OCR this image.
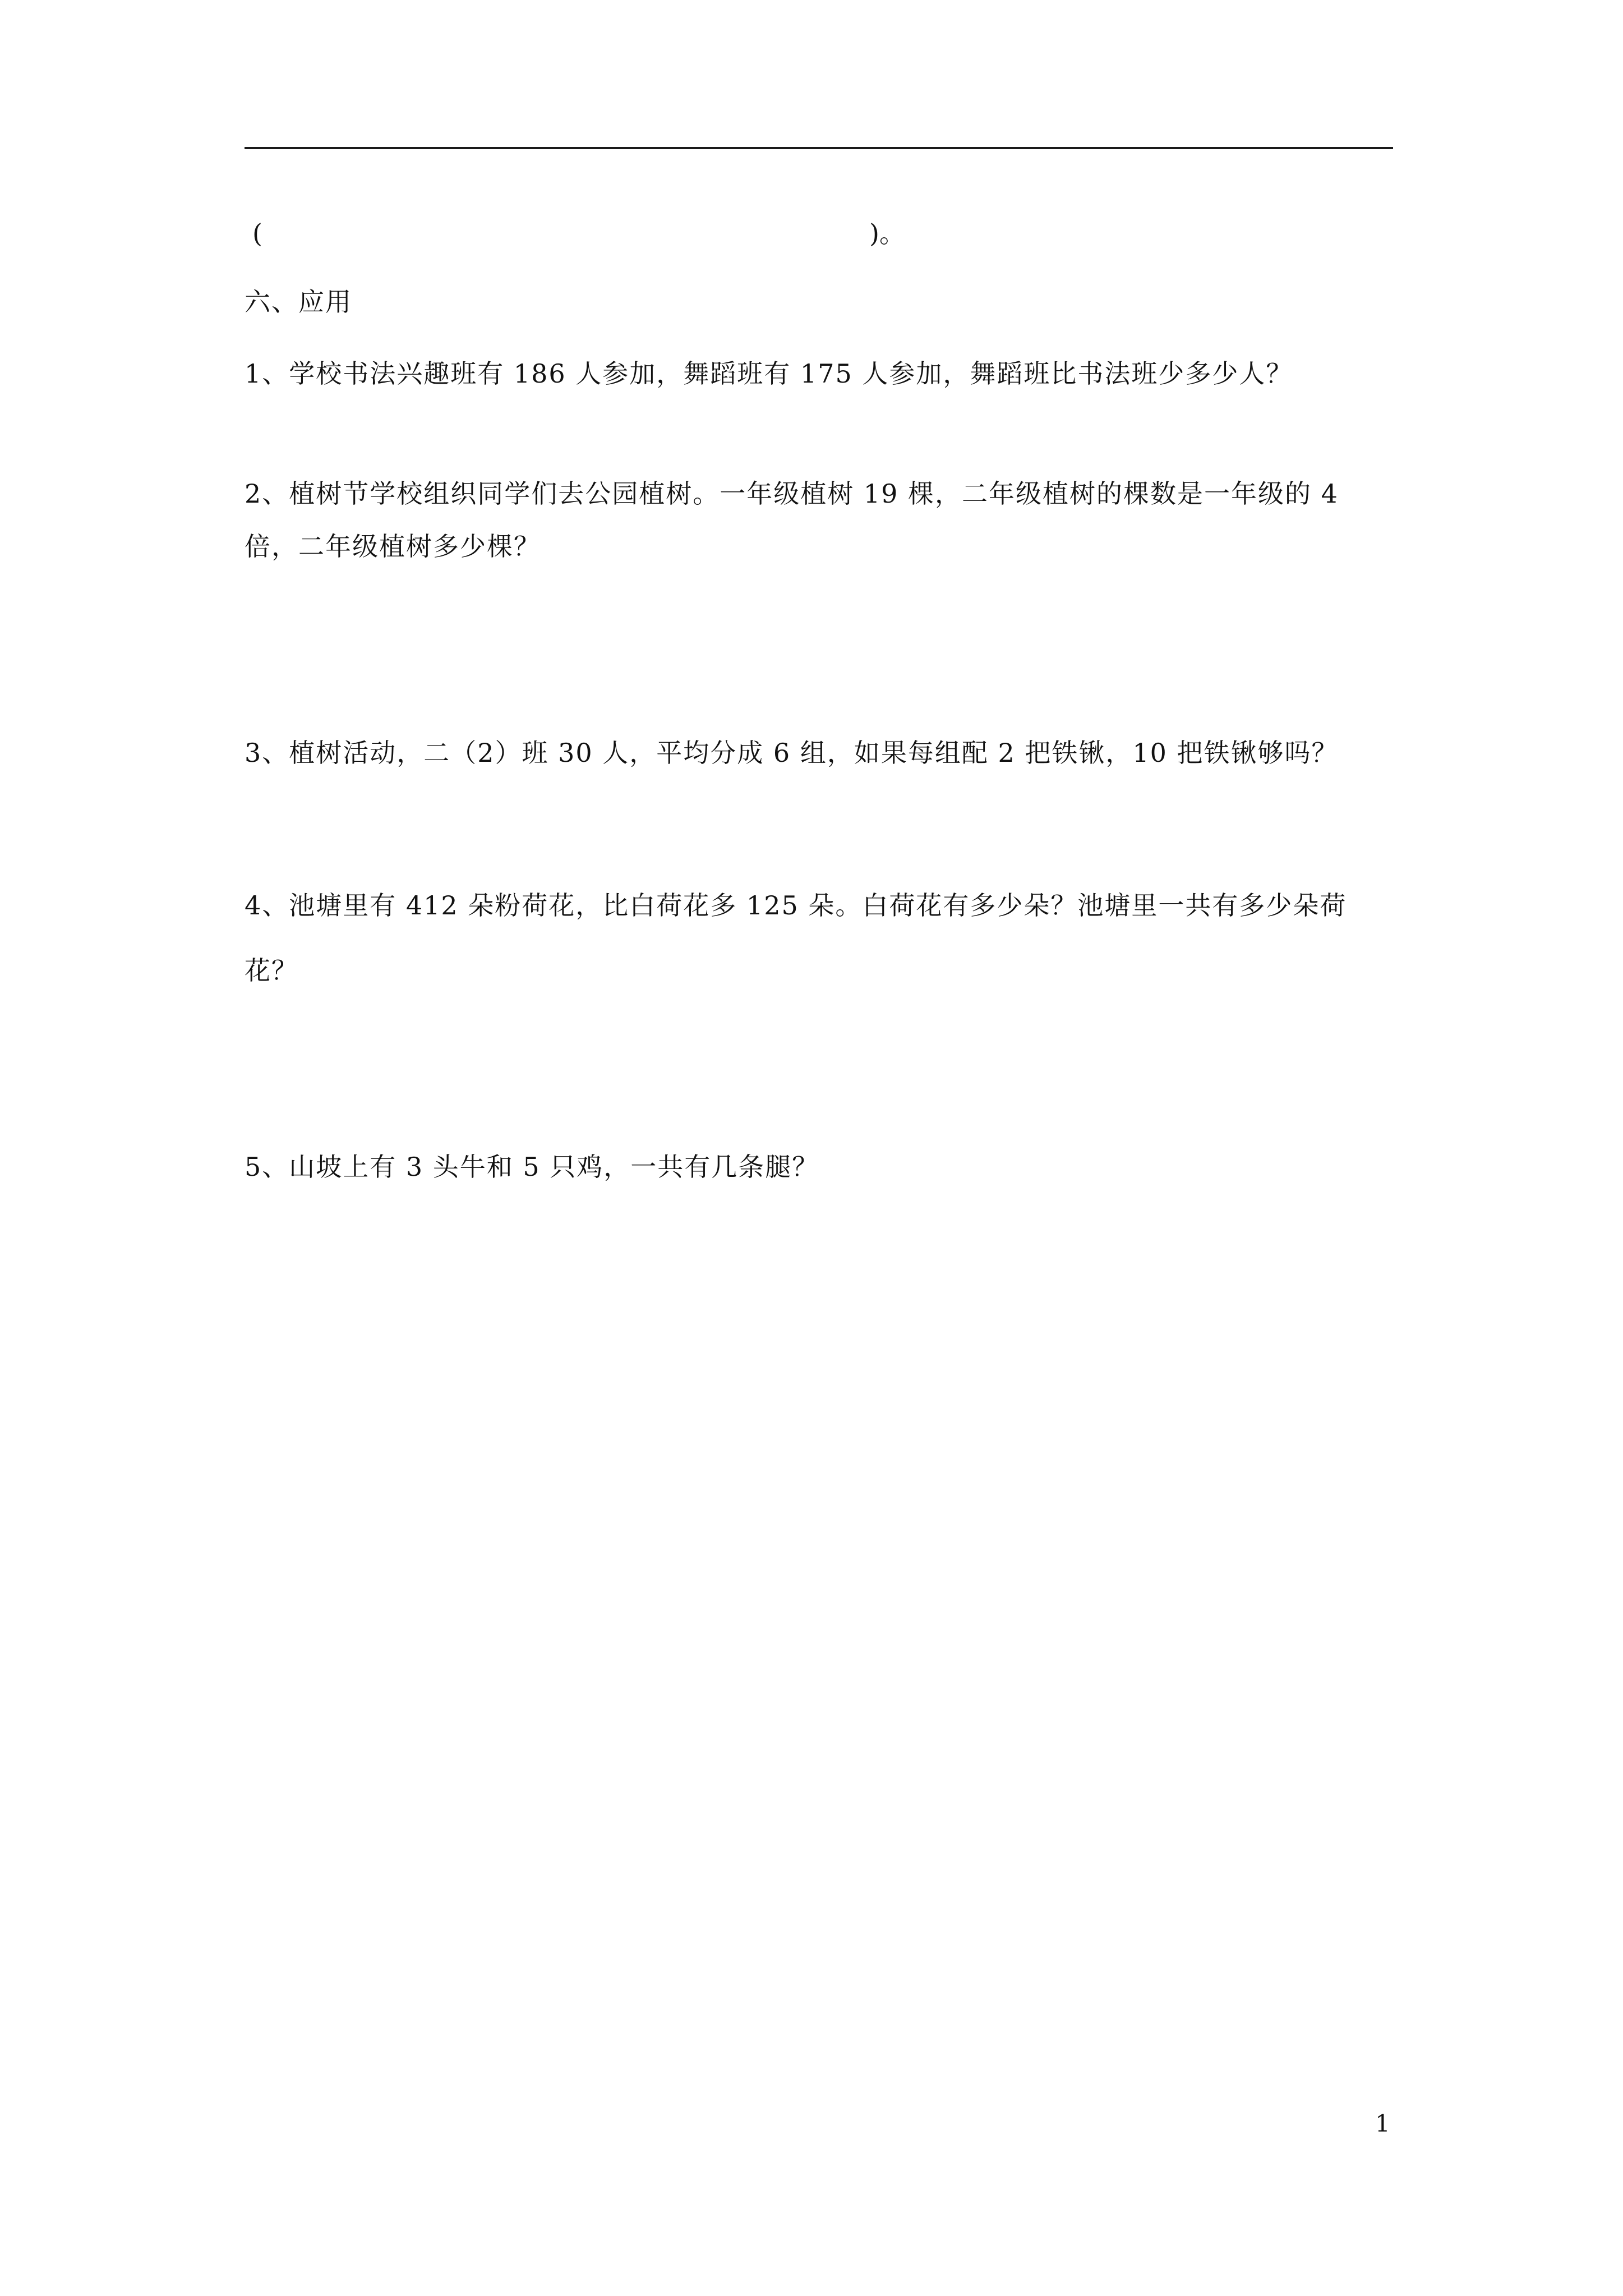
(	)。
六、应用
1、学校书法兴趣班有 186 人参加，舞蹈班有 175 人参加，舞蹈班比书法班少多少人？
2、植树节学校组织同学们去公园植树。一年级植树 19 棵，二年级植树的棵数是一年级的 4
倍，二年级植树多少棵？
3、植树活动，二（2）班 30 人，平均分成 6 组，如果每组配 2 把铁锹，10 把铁锹够吗？
4、池塘里有 412 朵粉荷花，比白荷花多 125 朵。白荷花有多少朵？池塘里一共有多少朵荷
花？
5、山坡上有 3 头牛和 5 只鸡，一共有几条腿？
1
